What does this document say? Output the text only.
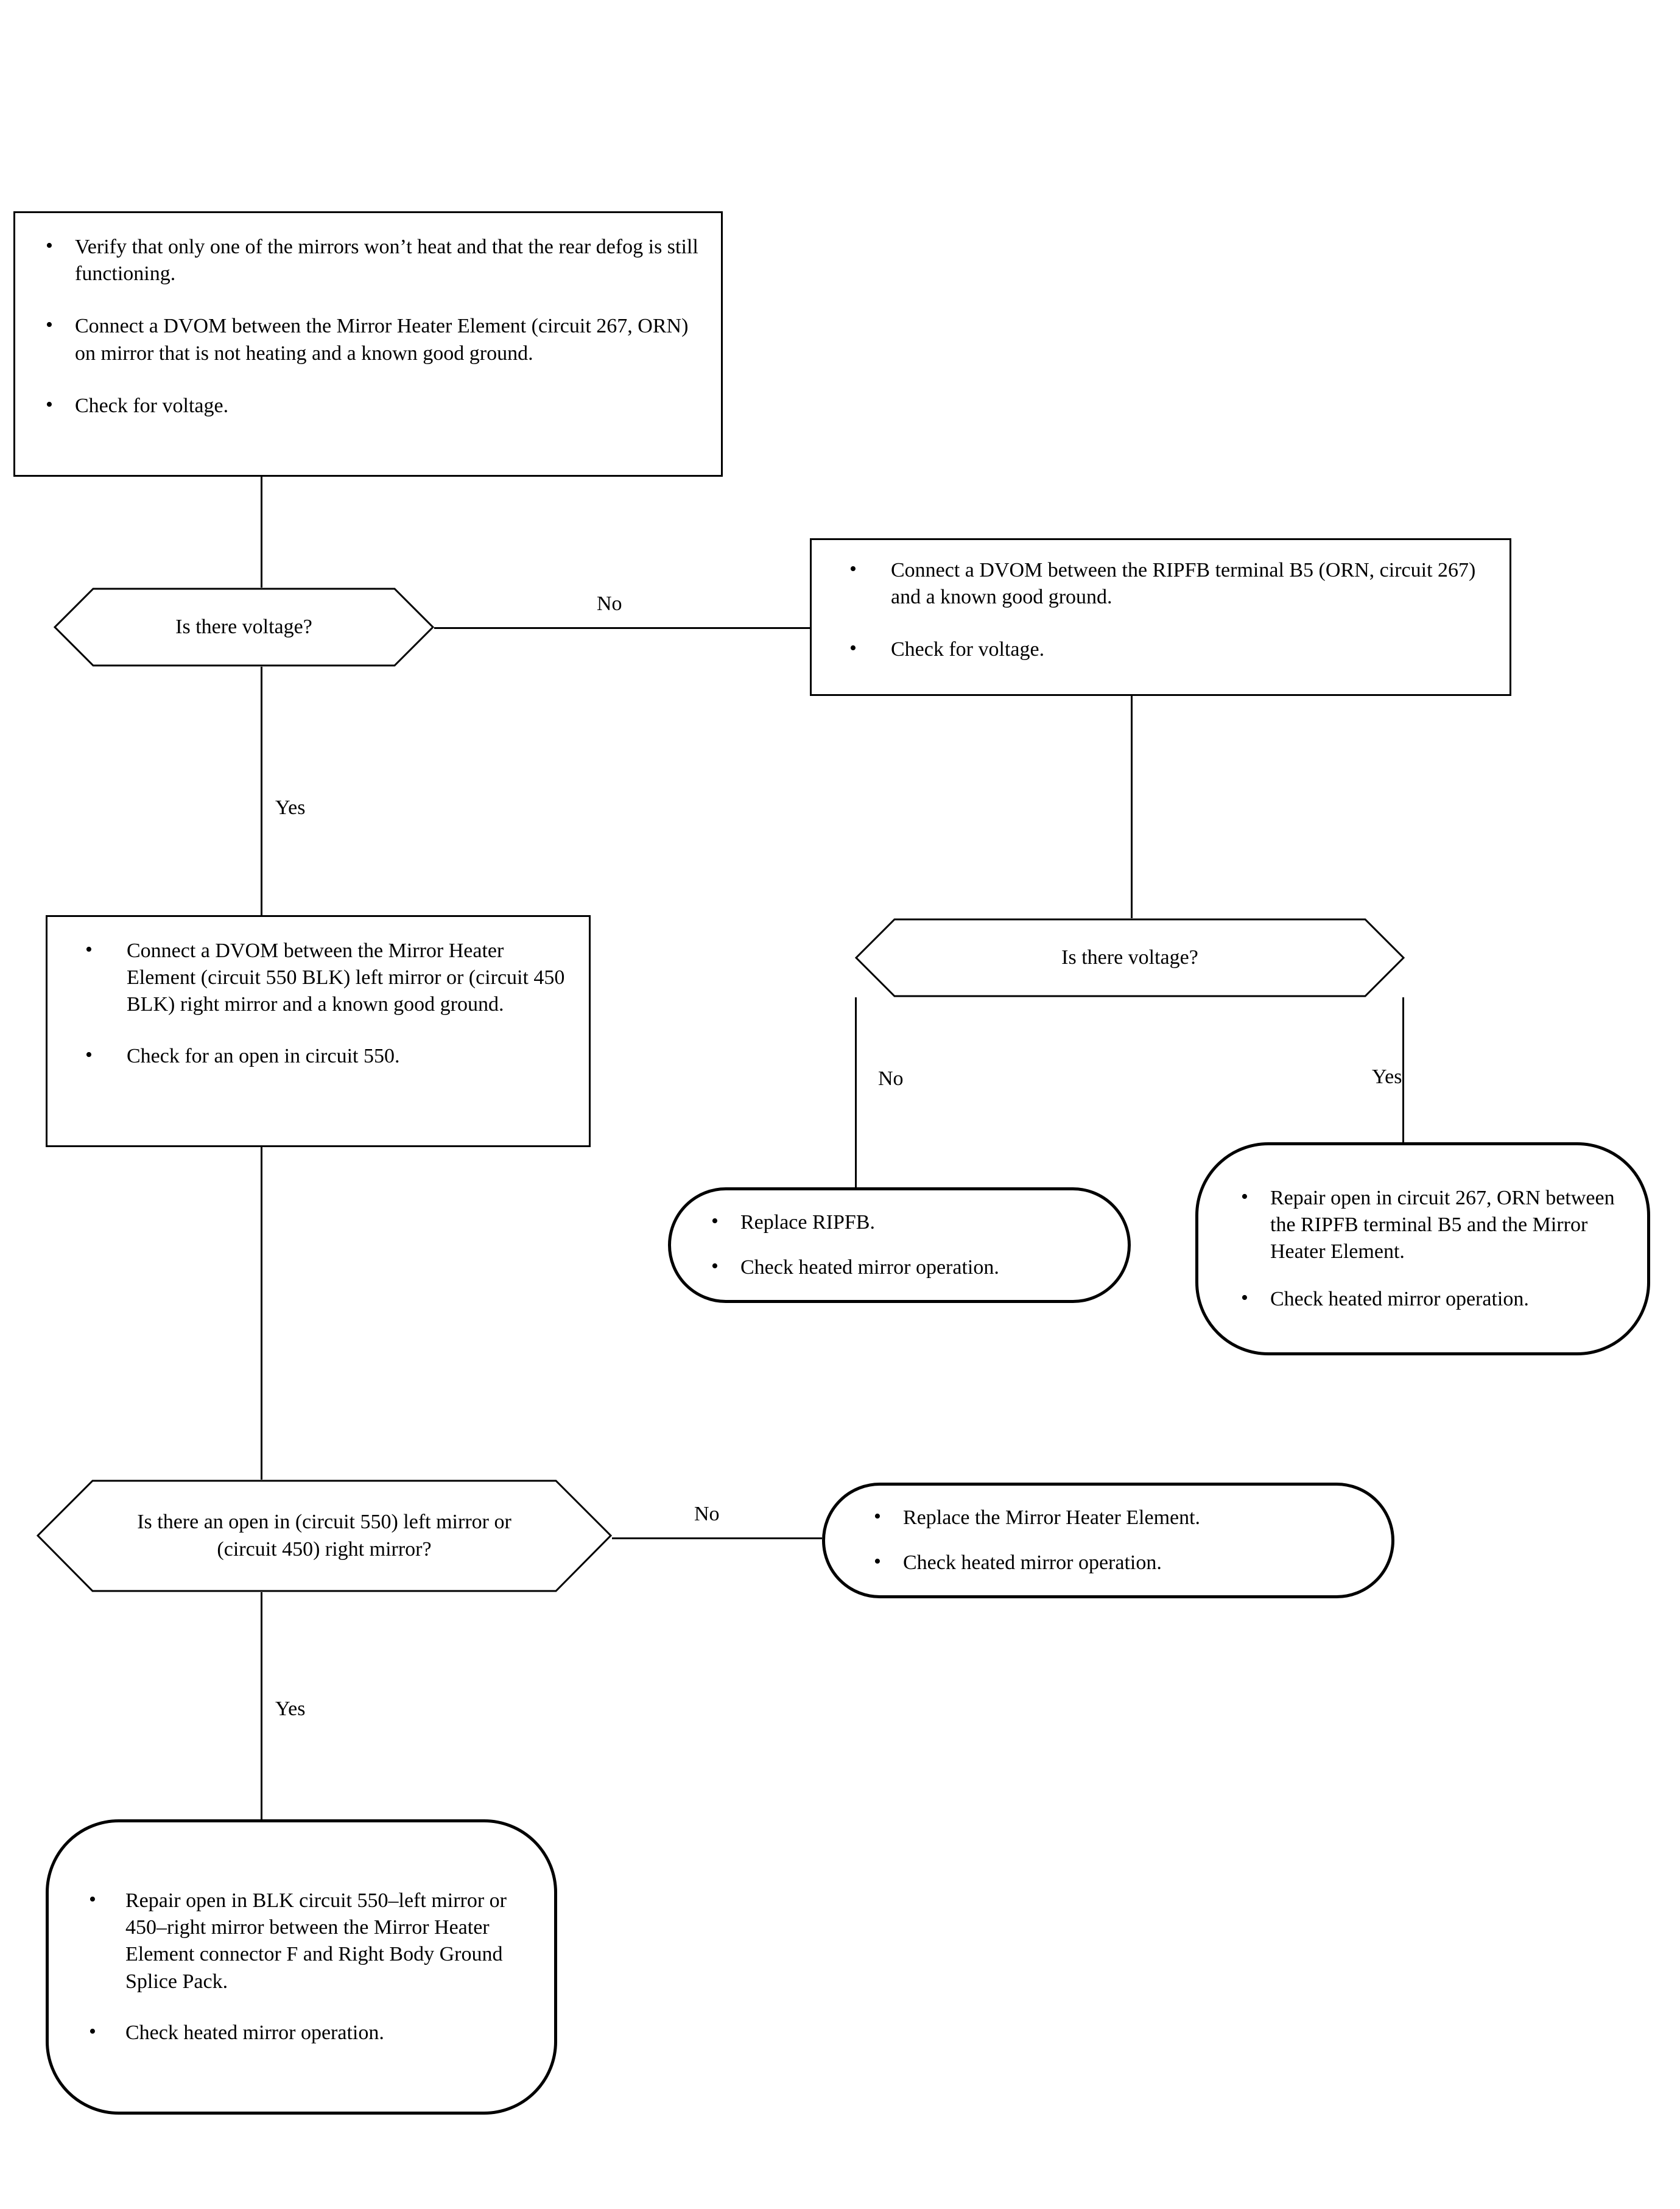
No
Yes
No	Yes
No
Yes
• Verify that only one of the mirrors won’t heat and that the rear defog is still functioning.
• Connect a DVOM between the Mirror Heater Element (circuit 267, ORN) on mirror that is not heating and a known good ground.
• Check for voltage.
Is there voltage?
• Connect a DVOM between the RIPFB terminal B5 (ORN, circuit 267) and a known good ground.
• Check for voltage.
Is there voltage?
• Replace RIPFB.
• Check heated mirror operation.
• Repair open in circuit 267, ORN between the RIPFB terminal B5 and the Mirror Heater Element.
• Check heated mirror operation.
• Connect a DVOM between the Mirror Heater Element (circuit 550 BLK) left mirror or (circuit 450 BLK) right mirror and a known good ground.
• Check for an open in circuit 550.
Is there an open in (circuit 550) left mirror or (circuit 450) right mirror?
• Replace the Mirror Heater Element.
• Check heated mirror operation.
• Repair open in BLK circuit 550–left mirror or 450–right mirror between the Mirror Heater Element connector F and Right Body Ground Splice Pack.
• Check heated mirror operation.
